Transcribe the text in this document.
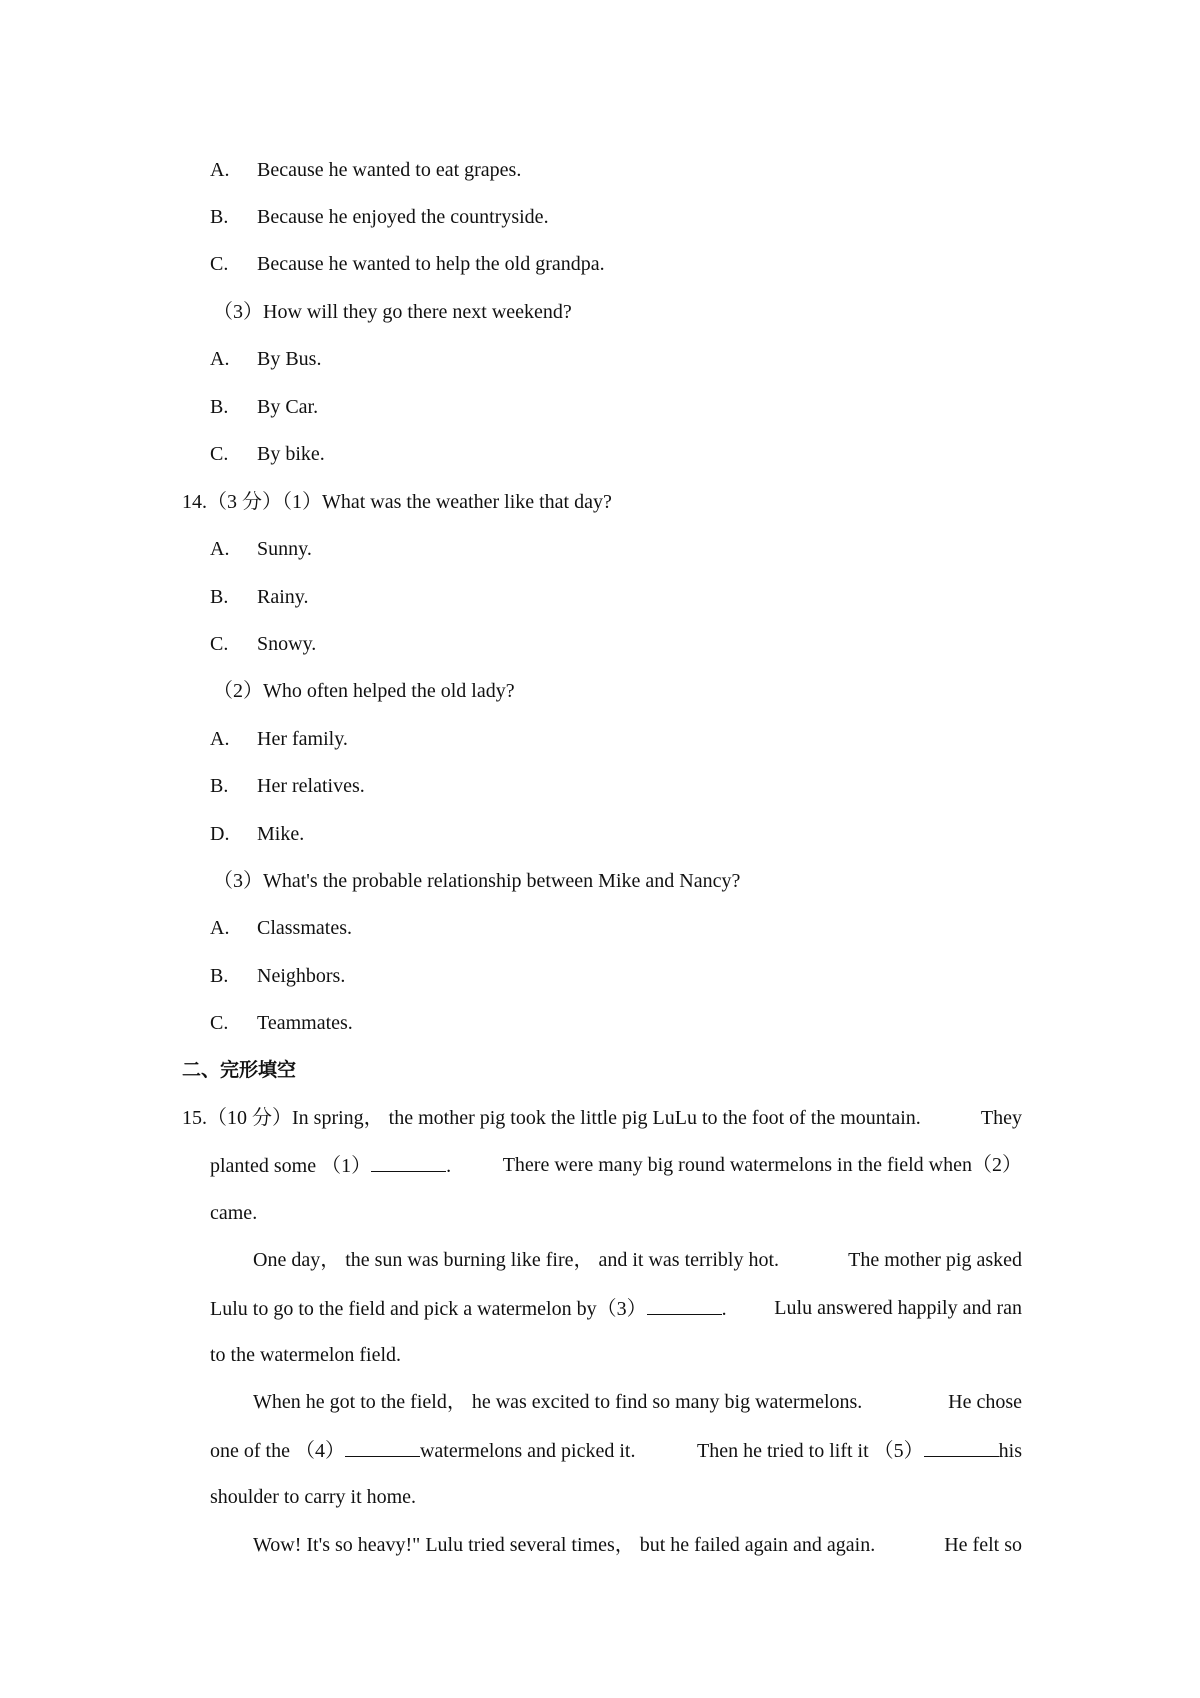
A. Because he wanted to eat grapes.
B. Because he enjoyed the countryside.
C. Because he wanted to help the old grandpa.
（3）How will they go there next weekend?
A. By Bus.
B. By Car.
C. By bike.
14.（3 分）（1）What was the weather like that day?
A. Sunny.
B. Rainy.
C. Snowy.
（2）Who often helped the old lady?
A. Her family.
B. Her relatives.
D. Mike.
（3）What's the probable relationship between Mike and Nancy?
A. Classmates.
B. Neighbors.
C. Teammates.
二、完形填空
15.（10 分）In spring， the mother pig took the little pig LuLu to the foot of the mountain.	They
planted some （1）	.	There were many big round watermelons in the field when（2）
came.
One day， the sun was burning like fire， and it was terribly hot.	The mother pig asked
Lulu to go to the field and pick a watermelon by（3）	. Lulu answered happily and ran
to the watermelon field.
When he got to the field， he was excited to find so many big watermelons.	He chose
one of the （4）	watermelons and picked it.	Then he tried to lift it （5）	his
shoulder to carry it home.
Wow! It's so heavy!" Lulu tried several times， but he failed again and again.	He felt so
